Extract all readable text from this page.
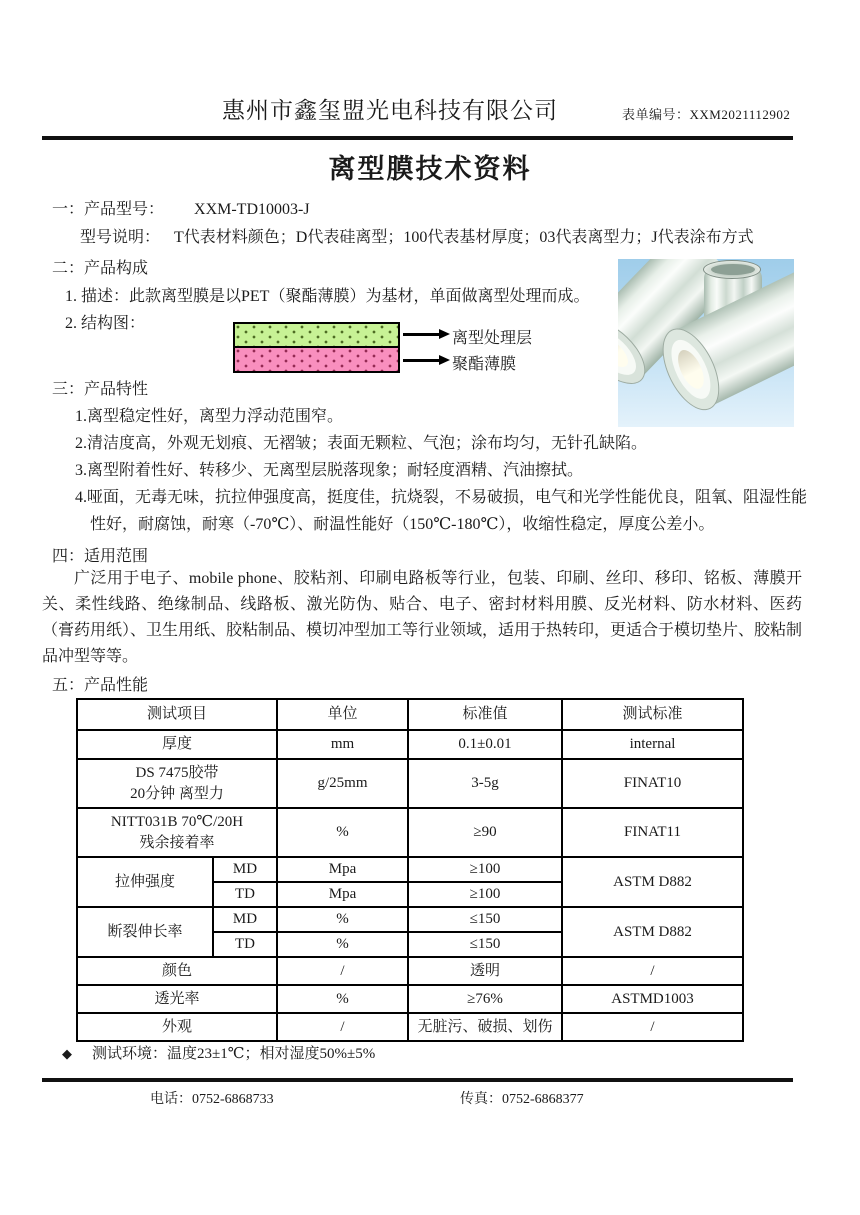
惠州市鑫玺盟光电科技有限公司	表单编号：XXM2021112902
离型膜技术资料
一：产品型号： XXM-TD10003-J
型号说明： T代表材料颜色；D代表硅离型；100代表基材厚度；03代表离型力；J代表涂布方式
二：产品构成
1. 描述：此款离型膜是以PET（聚酯薄膜）为基材，单面做离型处理而成。
2. 结构图：
离型处理层
聚酯薄膜
三：产品特性
1.离型稳定性好，离型力浮动范围窄。
2.清洁度高，外观无划痕、无褶皱；表面无颗粒、气泡；涂布均匀，无针孔缺陷。
3.离型附着性好、转移少、无离型层脱落现象；耐轻度酒精、汽油擦拭。
4.哑面，无毒无味，抗拉伸强度高，挺度佳，抗烧裂，不易破损，电气和光学性能优良，阻氧、阻湿性能性好，耐腐蚀，耐寒（-70℃）、耐温性能好（150℃-180℃），收缩性稳定，厚度公差小。
四：适用范围
广泛用于电子、mobile phone、胶粘剂、印刷电路板等行业，包装、印刷、丝印、移印、铭板、薄膜开关、柔性线路、绝缘制品、线路板、激光防伪、贴合、电子、密封材料用膜、反光材料、防水材料、医药（膏药用纸）、卫生用纸、胶粘制品、模切冲型加工等行业领域，适用于热转印，更适合于模切垫片、胶粘制品冲型等等。
五：产品性能
测试项目		单位	标准值	测试标准
厚度		mm	0.1±0.01	internal

DS 7475胶带
20分钟 离型力		g/25mm	3-5g	FINAT10

NITT031B 70℃/20H
残余接着率		%	≥90	FINAT11
拉伸强度	MD	Mpa	≥100	ASTM D882
	TD	Mpa	≥100	
断裂伸长率	MD	%	≤150	ASTM D882
	TD	%	≤150	
颜色		/	透明	/
透光率		%	≥76%	ASTMD1003
外观		/	无脏污、破损、划伤	/
◆ 测试环境：温度23±1℃；相对湿度50%±5%
电话：0752-6868733	传真：0752-6868377
